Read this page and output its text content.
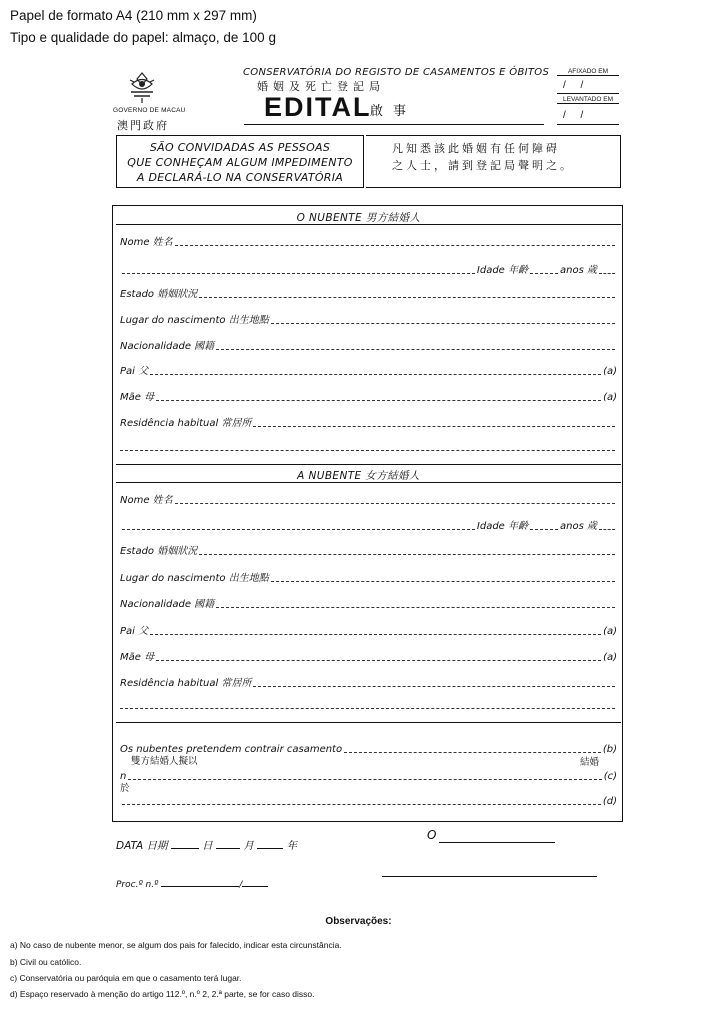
Papel de formato A4 (210 mm x 297 mm)
Tipo e qualidade do papel: almaço, de 100 g
GOVERNO DE MACAU
澳門政府
CONSERVATÓRIA DO REGISTO DE CASAMENTOS E ÓBITOS
婚姻及死亡登記局
EDITAL
啟事
AFIXADO EM
/ /
LEVANTADO EM
/ /
SÃO CONVIDADAS AS PESSOAS
QUE CONHEÇAM ALGUM IMPEDIMENTO
A DECLARÁ-LO NA CONSERVATÓRIA
凡知悉該此婚姻有任何障碍
之人士，請到登記局聲明之。
O NUBENTE 男方結婚人
Nome 姓名
Idade 年齡	anos 歲
Estado 婚姻狀況
Lugar do nascimento 出生地點
Nacionalidade 國籍
Pai 父	(a)
Mãe 母	(a)
Residência habitual 常居所
A NUBENTE 女方結婚人
Nome 姓名
Idade 年齡	anos 歲
Estado 婚姻狀況
Lugar do nascimento 出生地點
Nacionalidade 國籍
Pai 父	(a)
Mãe 母	(a)
Residência habitual 常居所
Os nubentes pretendem contrair casamento	(b)
雙方結婚人擬以	結婚
n	(c)
於
(d)
DATA 日期	日	月	年
O
Proc.º n.º	/
Observações:
a) No caso de nubente menor, se algum dos pais for falecido, indicar esta circunstância.
b) Civil ou católico.
c) Conservatória ou paróquia em que o casamento terá lugar.
d) Espaço reservado à menção do artigo 112.º, n.º 2, 2.ª parte, se for caso disso.
